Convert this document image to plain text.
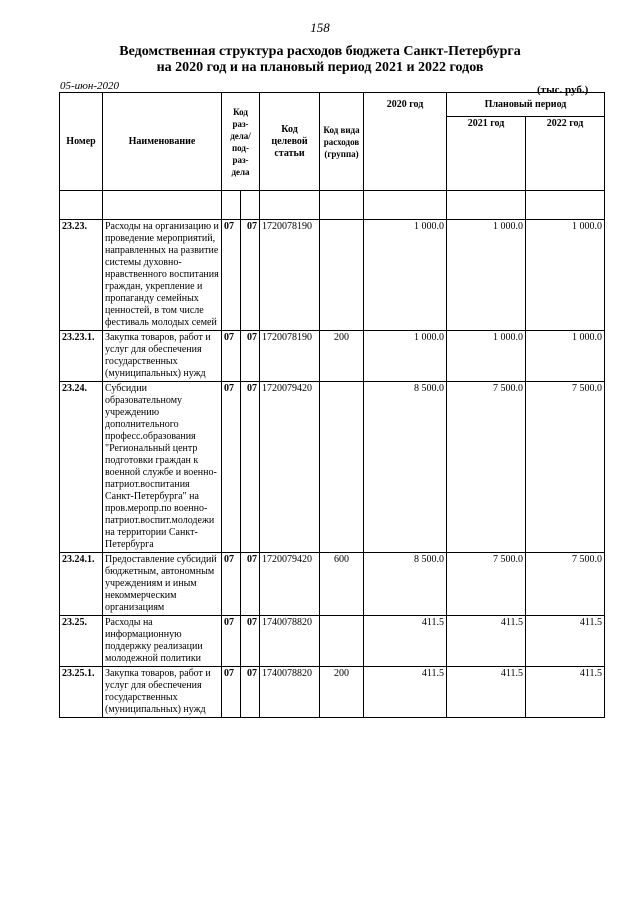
158
Ведомственная структура расходов бюджета Санкт-Петербурга
на 2020 год и на плановый период 2021 и 2022 годов
05-июн-2020	(тыс. руб.)
Номер	Наименование	Код раз-дела/ под-раз-дела		Код целевой статьи	Код вида расходов (группа)	2020 год	Плановый период	
							2021 год	2022 год

23.23.	Расходы на организацию и проведение мероприятий, направленных на развитие системы духовно-нравственного воспитания граждан, укрепление и пропаганду семейных ценностей, в том числе фестиваль молодых семей	07	07	1720078190		1 000.0	1 000.0	1 000.0
23.23.1.	Закупка товаров, работ и услуг для обеспечения государственных (муниципальных) нужд	07	07	1720078190	200	1 000.0	1 000.0	1 000.0
23.24.	Субсидии образовательному учреждению дополнительного професс.образования "Региональный центр подготовки граждан к военной службе и военно-патриот.воспитания Санкт-Петербурга" на пров.меропр.по военно-патриот.воспит.молодежи на территории Санкт-Петербурга	07	07	1720079420		8 500.0	7 500.0	7 500.0
23.24.1.	Предоставление субсидий бюджетным, автономным учреждениям и иным некоммерческим организациям	07	07	1720079420	600	8 500.0	7 500.0	7 500.0
23.25.	Расходы на информационную поддержку реализации молодежной политики	07	07	1740078820		411.5	411.5	411.5
23.25.1.	Закупка товаров, работ и услуг для обеспечения государственных (муниципальных) нужд	07	07	1740078820	200	411.5	411.5	411.5
